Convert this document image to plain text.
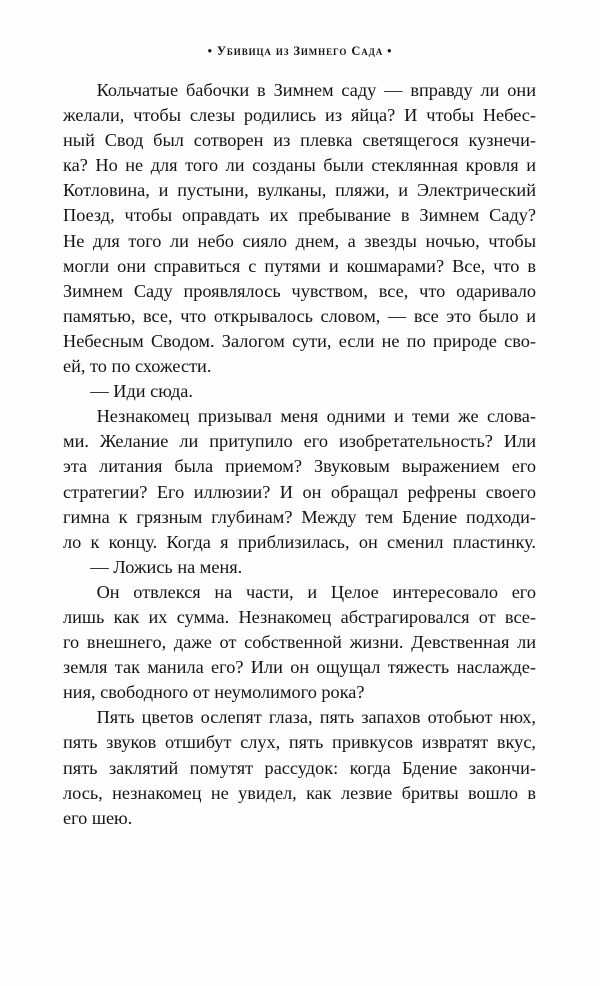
• Убивица из Зимнего Сада •
Кольчатые бабочки в Зимнем саду — вправду ли они
желали, чтобы слезы родились из яйца? И чтобы Небес-
ный Свод был сотворен из плевка светящегося кузнечи-
ка? Но не для того ли созданы были стеклянная кровля и
Котловина, и пустыни, вулканы, пляжи, и Электрический
Поезд, чтобы оправдать их пребывание в Зимнем Саду?
Не для того ли небо сияло днем, а звезды ночью, чтобы
могли они справиться с путями и кошмарами? Все, что в
Зимнем Саду проявлялось чувством, все, что одаривало
памятью, все, что открывалось словом, — все это было и
Небесным Сводом. Залогом сути, если не по природе сво-
ей, то по схожести.
— Иди сюда.
Незнакомец призывал меня одними и теми же слова-
ми. Желание ли притупило его изобретательность? Или
эта литания была приемом? Звуковым выражением его
стратегии? Его иллюзии? И он обращал рефрены своего
гимна к грязным глубинам? Между тем Бдение подходи-
ло к концу. Когда я приблизилась, он сменил пластинку.
— Ложись на меня.
Он отвлекся на части, и Целое интересовало его
лишь как их сумма. Незнакомец абстрагировался от все-
го внешнего, даже от собственной жизни. Девственная ли
земля так манила его? Или он ощущал тяжесть наслажде-
ния, свободного от неумолимого рока?
Пять цветов ослепят глаза, пять запахов отобьют нюх,
пять звуков отшибут слух, пять привкусов извратят вкус,
пять заклятий помутят рассудок: когда Бдение закончи-
лось, незнакомец не увидел, как лезвие бритвы вошло в
его шею.
